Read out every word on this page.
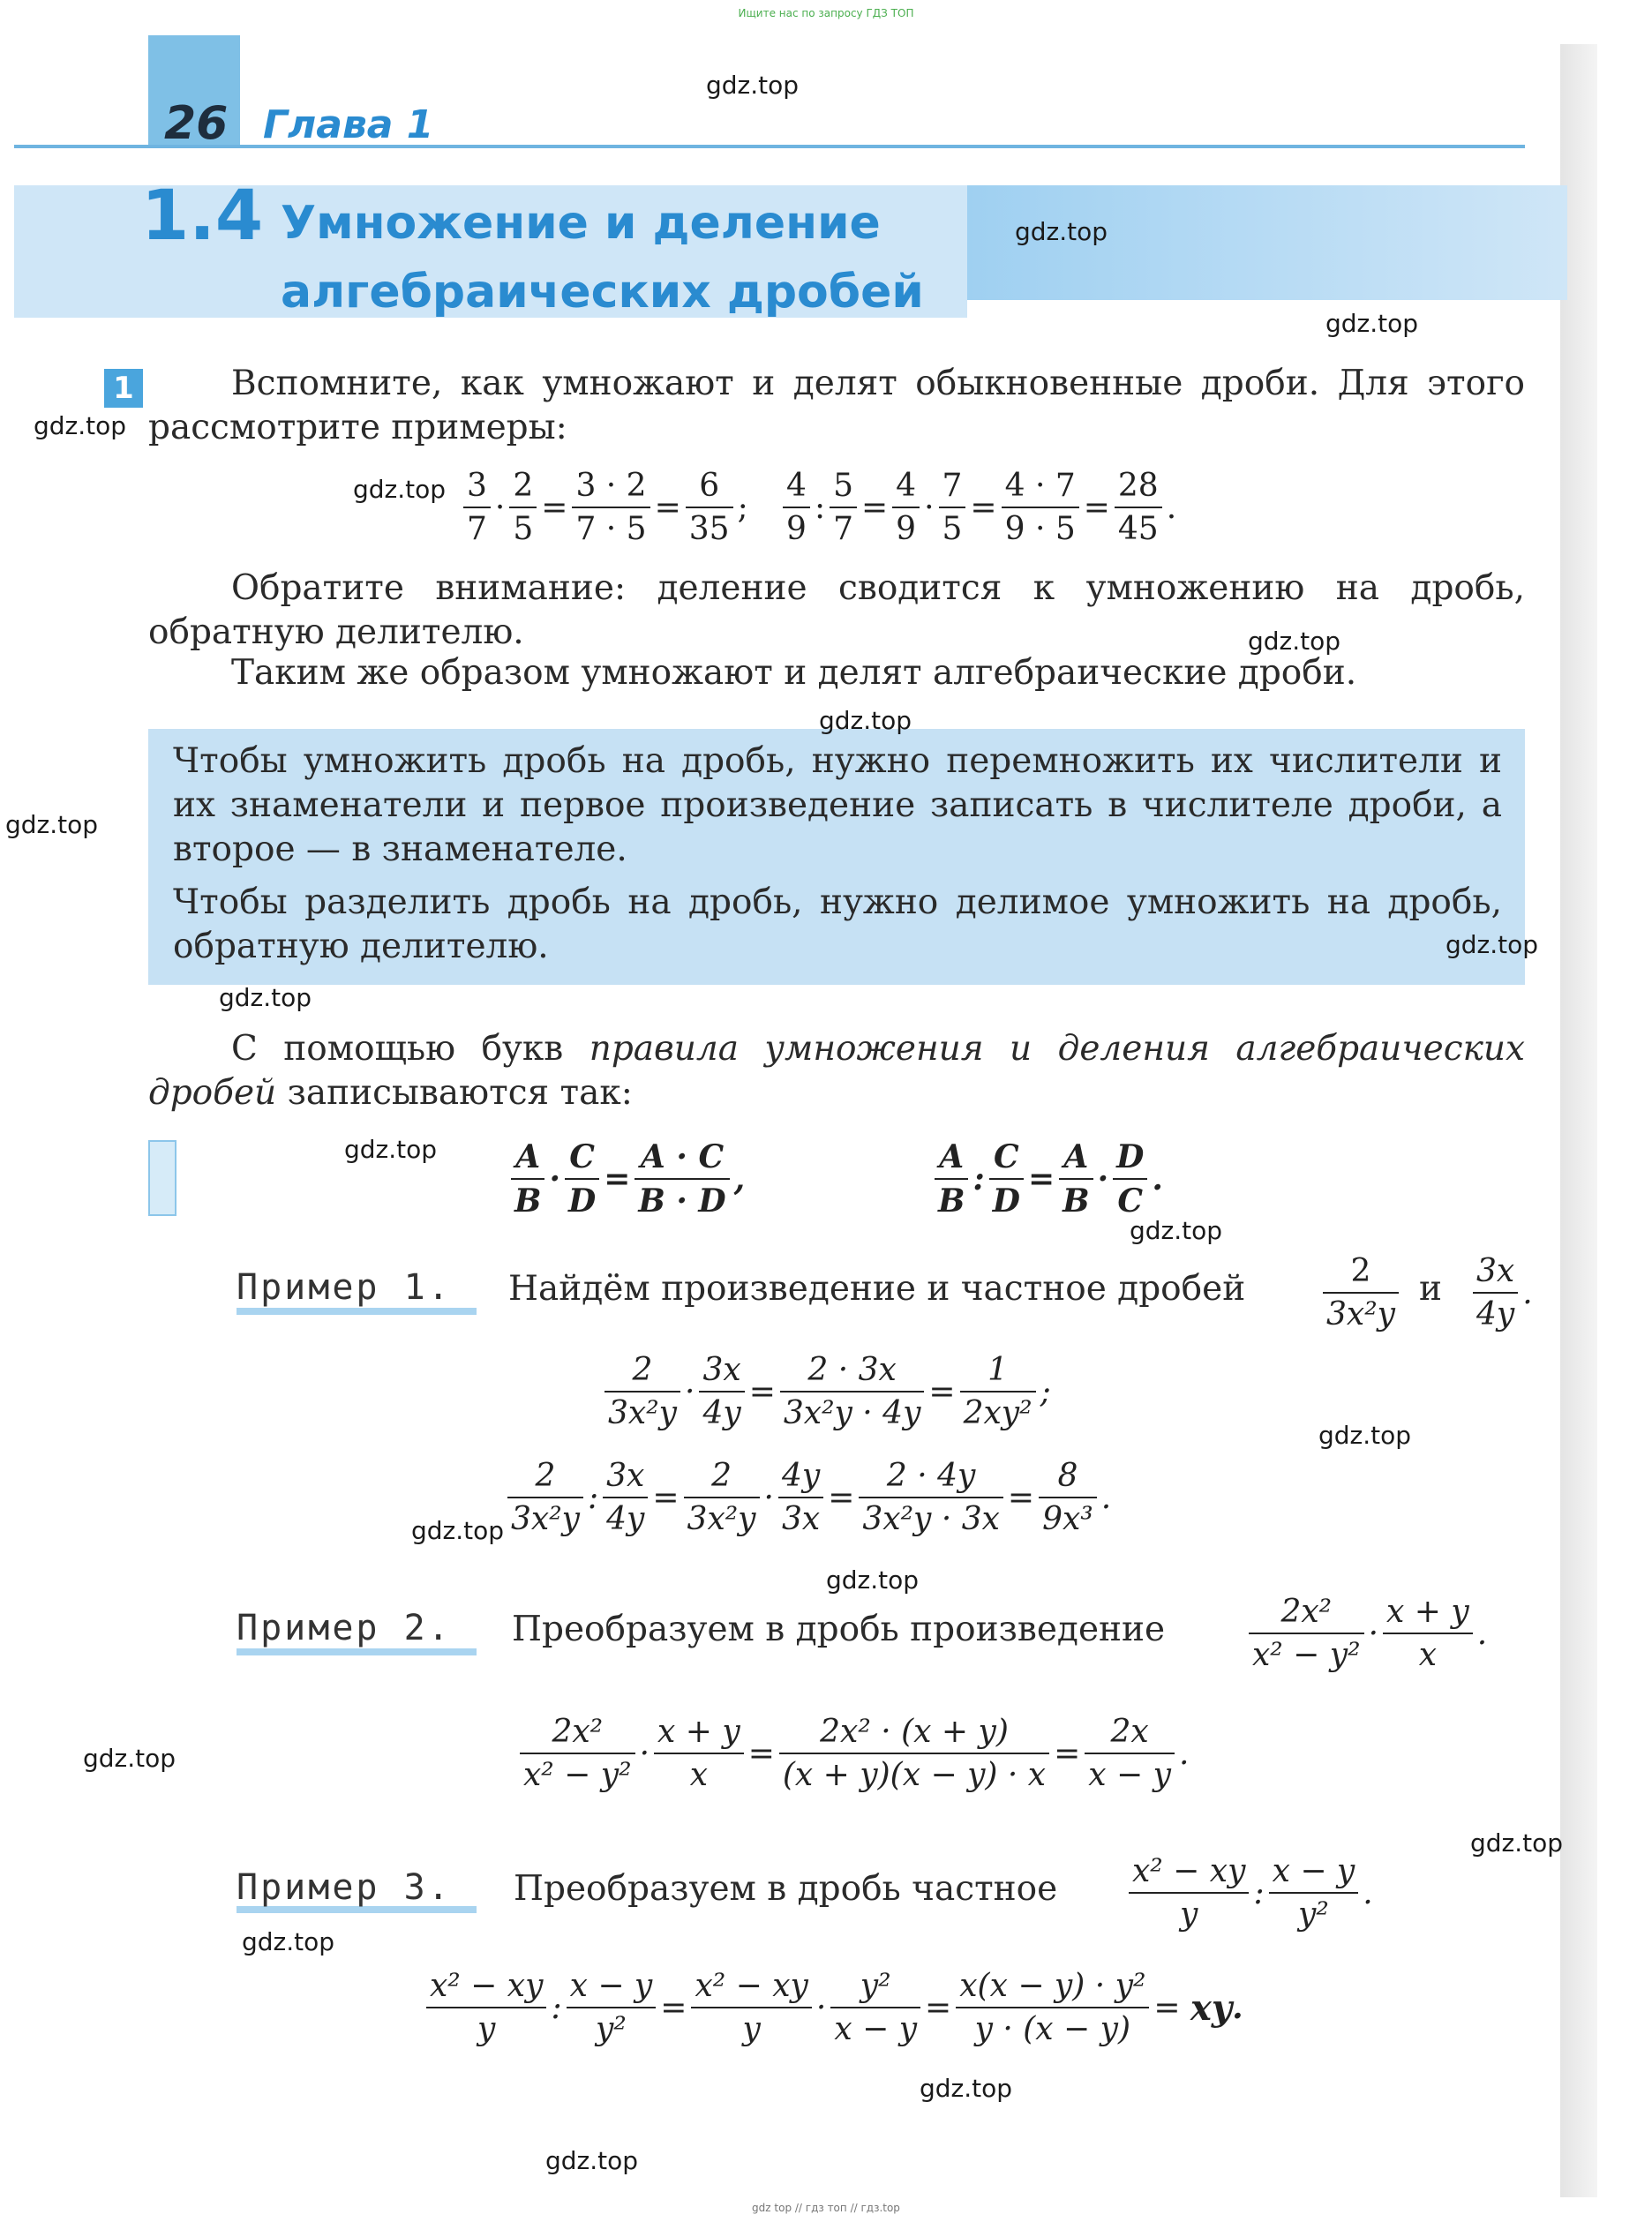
Ищите нас по запросу ГДЗ ТОП
26 Глава 1
1.4 Умножение и деление
алгебраических дробей
1	Вспомните, как умножают и делят обыкновенные дроби. Для этого рассмотрите примеры:
$\frac{3}{7} \cdot \frac{2}{5} = \frac{3 \cdot 2}{7 \cdot 5} = \frac{6}{35}$ ; $\frac{4}{9}$ : $\frac{5}{7} = \frac{4}{9} \cdot \frac{7}{5} = \frac{4 \cdot 7}{9 \cdot 5} = \frac{28}{45}$ .
Обратите внимание: деление сводится к умножению на дробь, обратную делителю.
Таким же образом умножают и делят алгебраические дроби.
Чтобы умножить дробь на дробь, нужно перемножить их числители и их знаменатели и первое произведение записать в числителе дроби, а второе — в знаменателе.
Чтобы разделить дробь на дробь, нужно делимое умножить на дробь, обратную делителю.
С помощью букв правила умножения и деления алгебраических дробей записываются так:
$\frac{A}{B} \cdot \frac{C}{D} = \frac{A \cdot C}{B \cdot D}$ ,	$\frac{A}{B}$ : $\frac{C}{D} = \frac{A}{B} \cdot \frac{D}{C}$ .
Пример 1. Найдём произведение и частное дробей $\frac{2}{\text{3x²y}}$ и $\frac{3x}{4y}$ .
$\frac{2}{\text{3x²y}} \cdot \frac{3x}{4y} = \frac{2 \cdot 3x}{\text{3x²y · 4y}} = \frac{1}{\text{2xy²}}$ ;
$\frac{2}{\text{3x²y}}$ : $\frac{3x}{4y} = \frac{2}{\text{3x²y}} \cdot \frac{4y}{3x} = \frac{2 \cdot 4y}{\text{3x²y · 3x}} = \frac{8}{\text{9x³}}$ .
Пример 2. Преобразуем в дробь произведение	$\frac{\text{2x²}}{\text{x² − y²}} \cdot \frac{x + y}{x}$ .
$\frac{\text{2x²}}{\text{x² − y²}} \cdot \frac{x + y}{x} = \frac{\text{2x² · (x + y)}}{(x + y)(x - y) \cdot x} = \frac{2x}{x - y}$ .
Пример 3. Преобразуем в дробь частное $\frac{\text{x² − xy}}{y}$ : $\frac{x - y}{\text{y²}}$ .
$\frac{\text{x² − xy}}{y}$ : $\frac{x - y}{\text{y²}} = \frac{\text{x² − xy}}{y} \cdot \frac{\text{y²}}{x - y} = \frac{\text{x(x − y) · y²}}{y \cdot (x - y)}$ = xy.
gdz.top
gdz.top
gdz.top
gdz.top
gdz.top
gdz.top
gdz.top
gdz.top
gdz.top
gdz.top
gdz.top
gdz.top
gdz.top
gdz.top
gdz.top
gdz.top
gdz.top
gdz.top
gdz.top
gdz.top
gdz top // гдз топ // гдз.top
